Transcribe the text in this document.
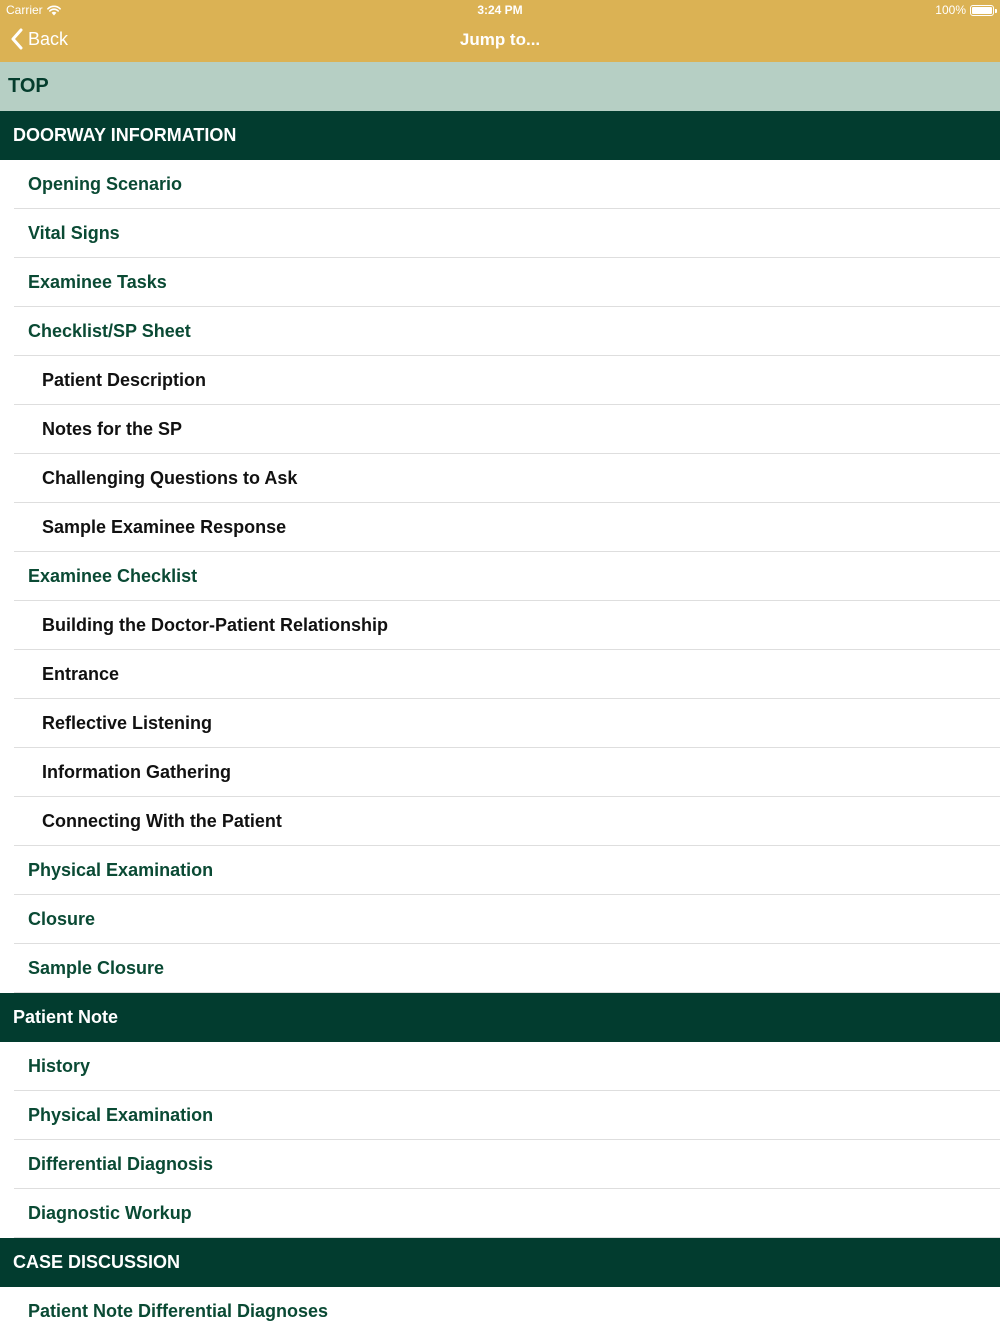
Carrier	3:24 PM	100%
Back	Jump to...
TOP
DOORWAY INFORMATION
Opening Scenario
Vital Signs
Examinee Tasks
Checklist/SP Sheet
Patient Description
Notes for the SP
Challenging Questions to Ask
Sample Examinee Response
Examinee Checklist
Building the Doctor-Patient Relationship
Entrance
Reflective Listening
Information Gathering
Connecting With the Patient
Physical Examination
Closure
Sample Closure
Patient Note
History
Physical Examination
Differential Diagnosis
Diagnostic Workup
CASE DISCUSSION
Patient Note Differential Diagnoses
